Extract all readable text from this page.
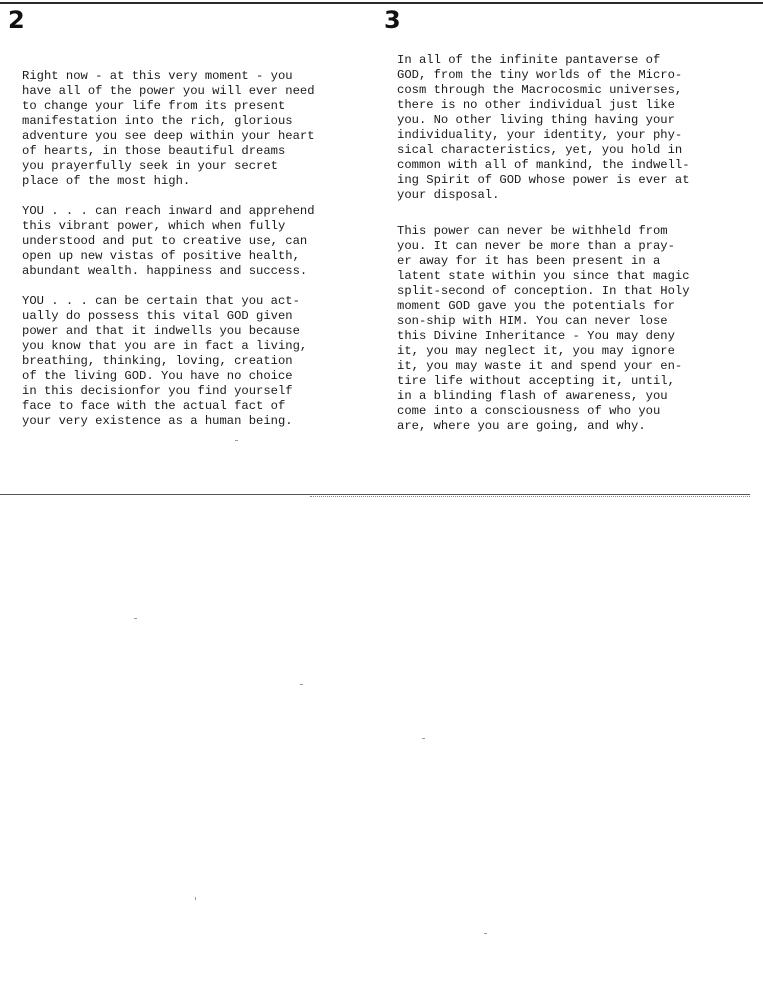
2	3

Right now - at this very moment - you
have all of the power you will ever need
to change your life from its present
manifestation into the rich, glorious
adventure you see deep within your heart
of hearts, in those beautiful dreams
you prayerfully seek in your secret
place of the most high.

YOU . . . can reach inward and apprehend
this vibrant power, which when fully
understood and put to creative use, can
open up new vistas of positive health,
abundant wealth. happiness and success.

YOU . . . can be certain that you act-
ually do possess this vital GOD given
power and that it indwells you because
you know that you are in fact a living,
breathing, thinking, loving, creation
of the living GOD. You have no choice
in this decisionfor you find yourself
face to face with the actual fact of
your very existence as a human being.

In all of the infinite pantaverse of
GOD, from the tiny worlds of the Micro-
cosm through the Macrocosmic universes,
there is no other individual just like
you. No other living thing having your
individuality, your identity, your phy-
sical characteristics, yet, you hold in
common with all of mankind, the indwell-
ing Spirit of GOD whose power is ever at
your disposal.

This power can never be withheld from
you. It can never be more than a pray-
er away for it has been present in a
latent state within you since that magic
split-second of conception. In that Holy
moment GOD gave you the potentials for
son-ship with HIM. You can never lose
this Divine Inheritance - You may deny
it, you may neglect it, you may ignore
it, you may waste it and spend your en-
tire life without accepting it, until,
in a blinding flash of awareness, you
come into a consciousness of who you
are, where you are going, and why.
